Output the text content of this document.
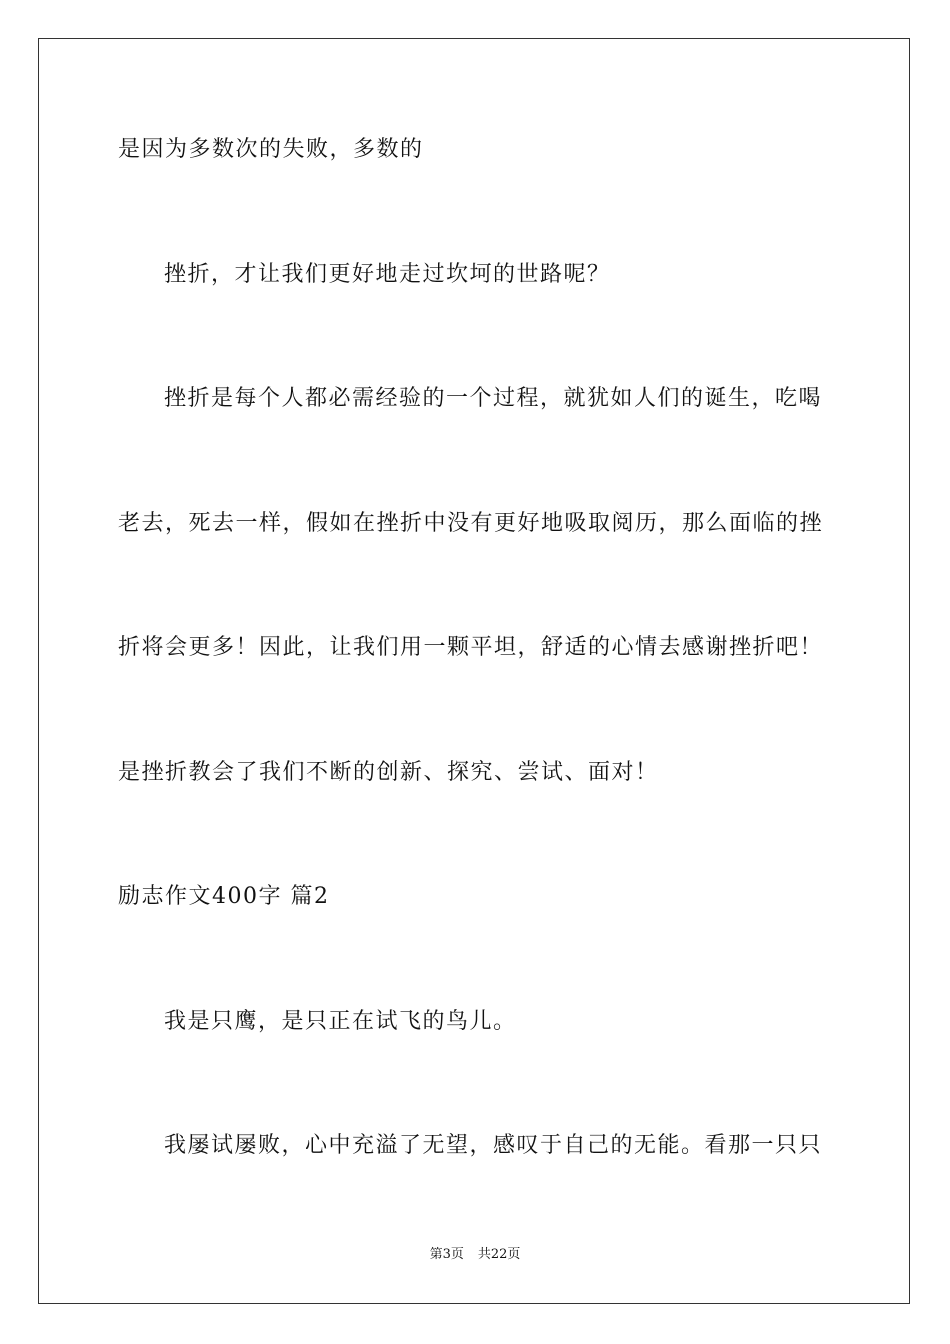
是因为多数次的失败，多数的
挫折，才让我们更好地走过坎坷的世路呢？
挫折是每个人都必需经验的一个过程，就犹如人们的诞生，吃喝
老去，死去一样，假如在挫折中没有更好地吸取阅历，那么面临的挫
折将会更多！因此，让我们用一颗平坦，舒适的心情去感谢挫折吧！
是挫折教会了我们不断的创新、探究、尝试、面对！
励志作文400字 篇2
我是只鹰，是只正在试飞的鸟儿。
我屡试屡败，心中充溢了无望，感叹于自己的无能。看那一只只
第3页 共22页
